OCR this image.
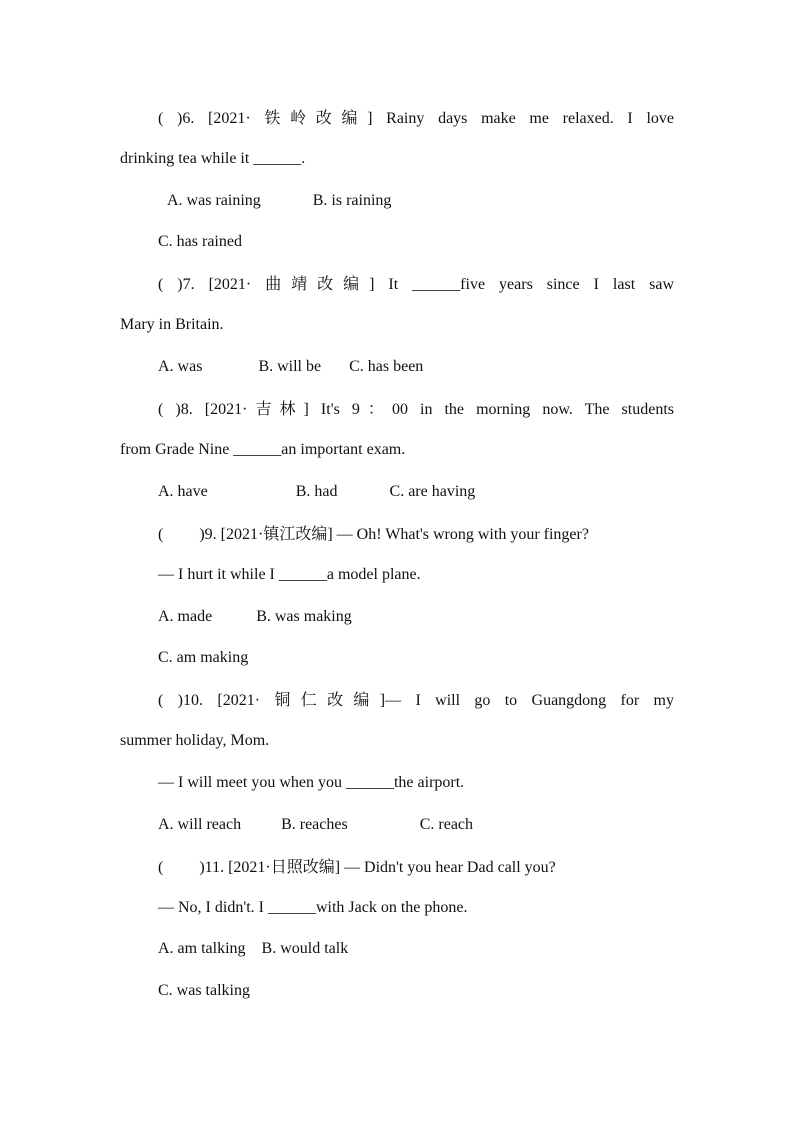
( )6. [2021· 铁岭改编] Rainy days make me relaxed. I love
drinking tea while it ______.
A. was raining             B. is raining
C. has rained
( )7. [2021· 曲靖改编] It ______five years since I last saw
Mary in Britain.
A. was              B. will be       C. has been
( )8. [2021·吉林] It's 9：00 in the morning now. The students
from Grade Nine ______an important exam.
A. have                      B. had             C. are having
(         )9. [2021·镇江改编] — Oh! What's wrong with your finger?
— I hurt it while I ______a model plane.
A. made           B. was making
C. am making
( )10. [2021· 铜仁改编]— I will go to Guangdong for my
summer holiday, Mom.
— I will meet you when you ______the airport.
A. will reach          B. reaches                  C. reach
(         )11. [2021·日照改编] — Didn't you hear Dad call you?
— No, I didn't. I ______with Jack on the phone.
A. am talking    B. would talk
C. was talking
